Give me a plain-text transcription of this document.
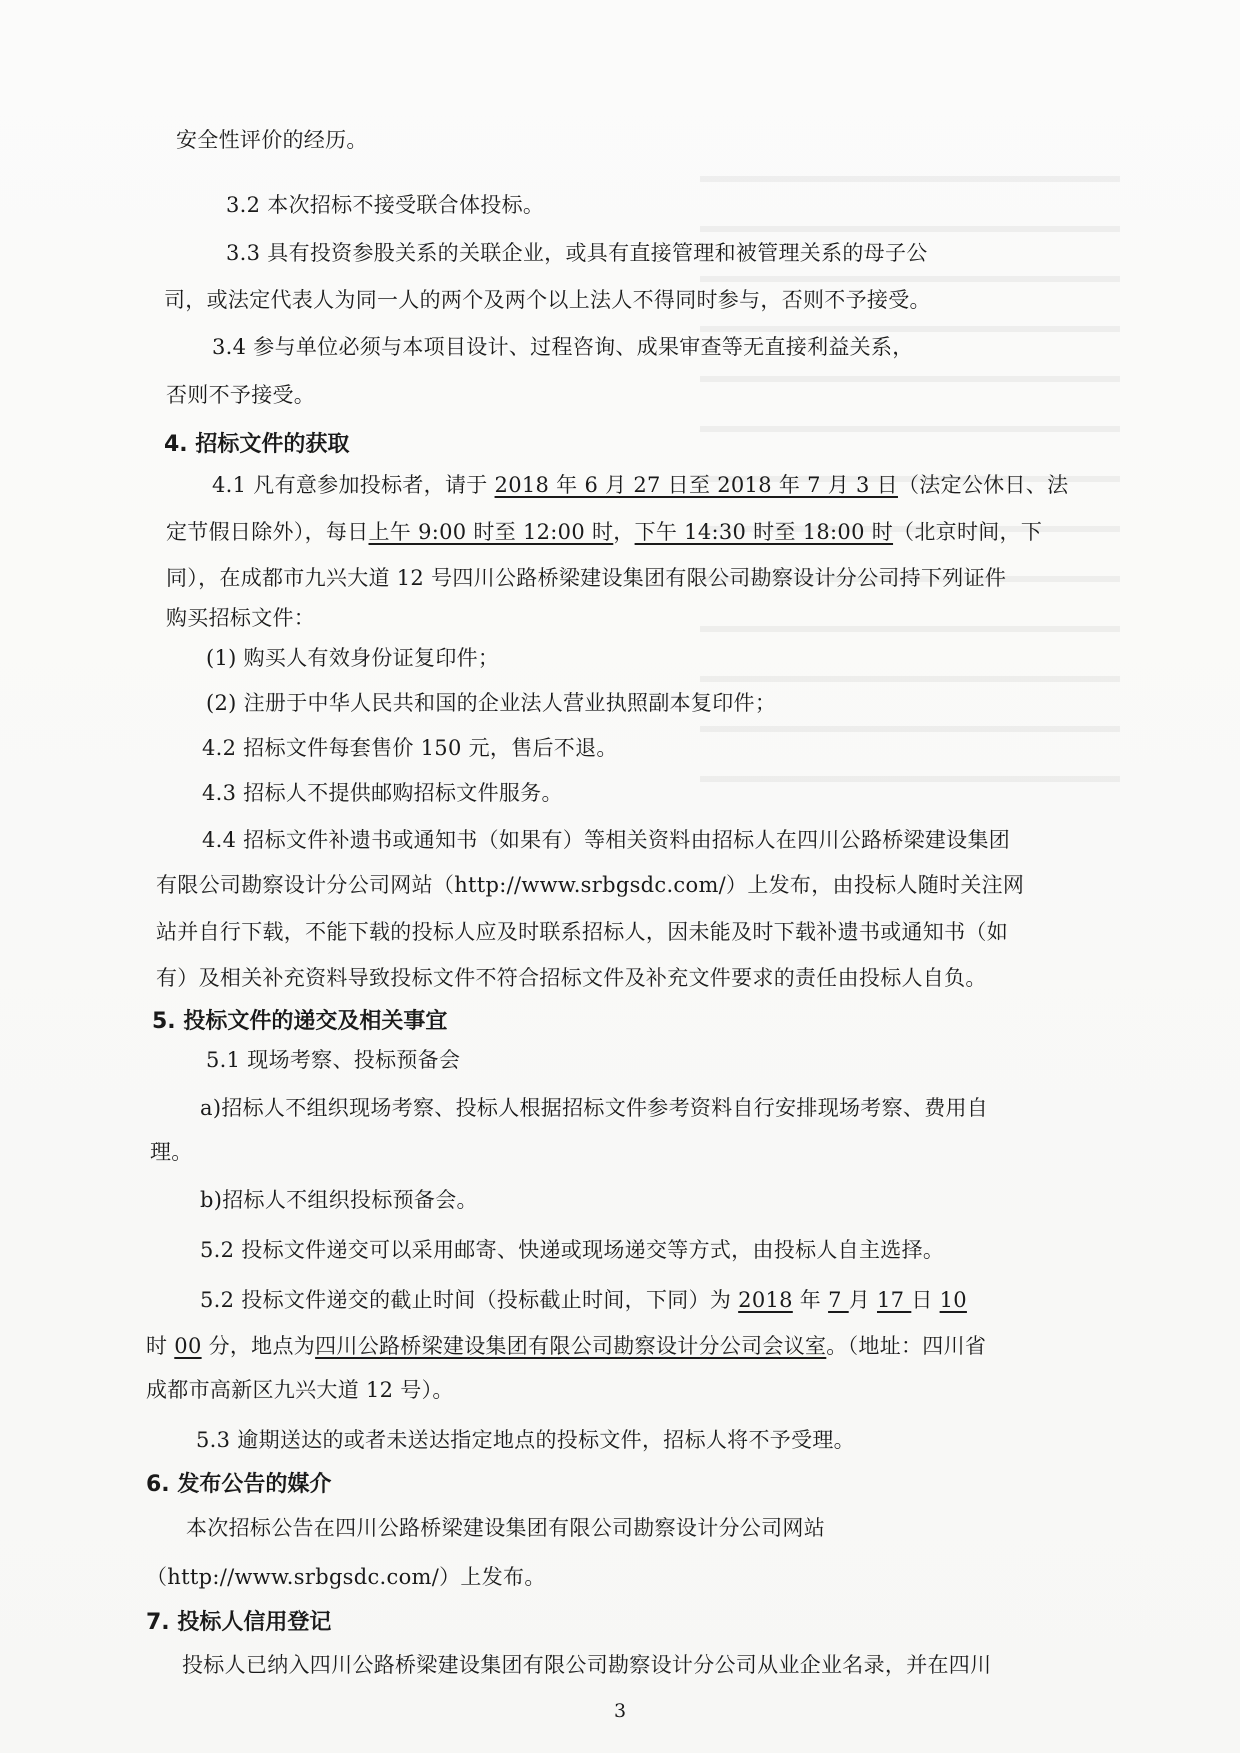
安全性评价的经历。
3.2 本次招标不接受联合体投标。
3.3 具有投资参股关系的关联企业，或具有直接管理和被管理关系的母子公
司，或法定代表人为同一人的两个及两个以上法人不得同时参与，否则不予接受。
3.4 参与单位必须与本项目设计、过程咨询、成果审查等无直接利益关系，
否则不予接受。
4. 招标文件的获取
4.1 凡有意参加投标者，请于 2018 年 6 月 27 日至 2018 年 7 月 3 日（法定公休日、法
定节假日除外），每日上午 9:00 时至 12:00 时，下午 14:30 时至 18:00 时（北京时间，下
同），在成都市九兴大道 12 号四川公路桥梁建设集团有限公司勘察设计分公司持下列证件
购买招标文件：
(1) 购买人有效身份证复印件；
(2) 注册于中华人民共和国的企业法人营业执照副本复印件；
4.2 招标文件每套售价 150 元，售后不退。
4.3 招标人不提供邮购招标文件服务。
4.4 招标文件补遗书或通知书（如果有）等相关资料由招标人在四川公路桥梁建设集团
有限公司勘察设计分公司网站（http://www.srbgsdc.com/）上发布，由投标人随时关注网
站并自行下载，不能下载的投标人应及时联系招标人，因未能及时下载补遗书或通知书（如
有）及相关补充资料导致投标文件不符合招标文件及补充文件要求的责任由投标人自负。
5. 投标文件的递交及相关事宜
5.1 现场考察、投标预备会
a)招标人不组织现场考察、投标人根据招标文件参考资料自行安排现场考察、费用自
理。
b)招标人不组织投标预备会。
5.2 投标文件递交可以采用邮寄、快递或现场递交等方式，由投标人自主选择。
5.2 投标文件递交的截止时间（投标截止时间，下同）为 2018 年 7 月 17 日 10
时 00 分，地点为四川公路桥梁建设集团有限公司勘察设计分公司会议室。（地址：四川省
成都市高新区九兴大道 12 号）。
5.3 逾期送达的或者未送达指定地点的投标文件，招标人将不予受理。
6. 发布公告的媒介
本次招标公告在四川公路桥梁建设集团有限公司勘察设计分公司网站
（http://www.srbgsdc.com/）上发布。
7. 投标人信用登记
投标人已纳入四川公路桥梁建设集团有限公司勘察设计分公司从业企业名录，并在四川
3
